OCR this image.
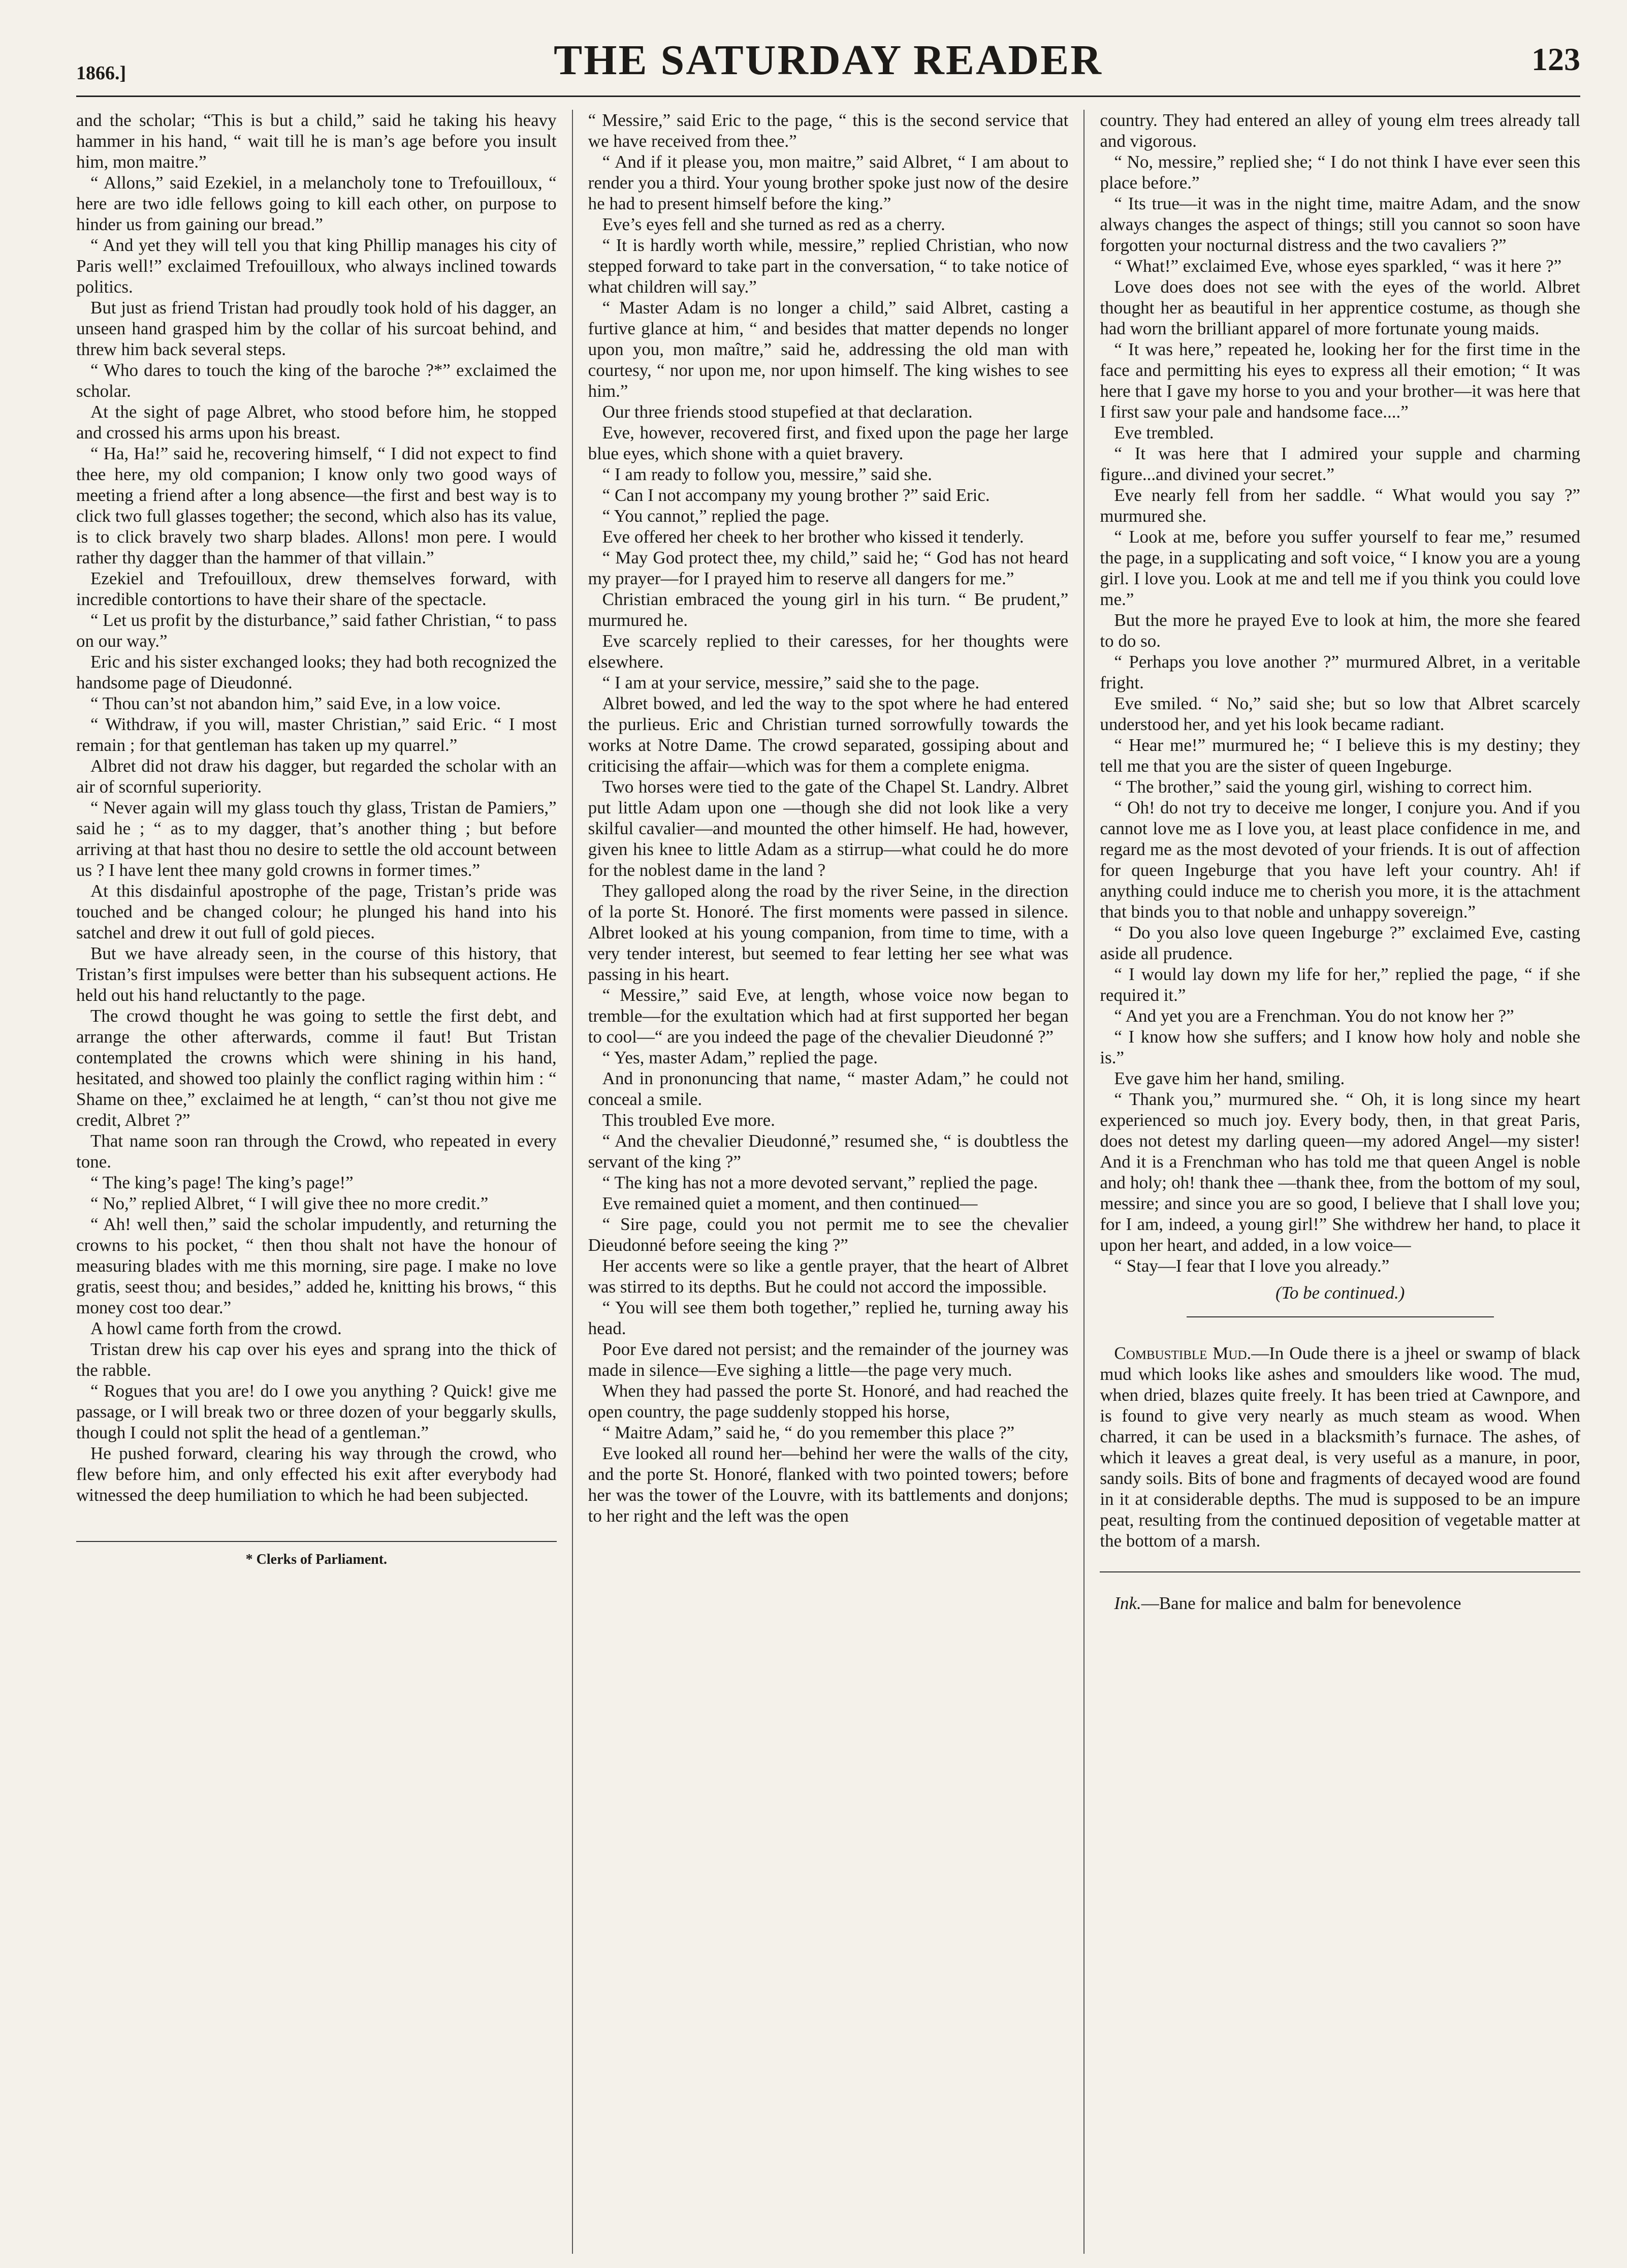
1866.]	THE SATURDAY READER	123

and the scholar; “This is but a child,” said he taking his heavy hammer in his hand, “ wait till he is man’s age before you insult him, mon maitre.”

“ Allons,” said Ezekiel, in a melancholy tone to Trefouilloux, “ here are two idle fellows going to kill each other, on purpose to hinder us from gaining our bread.”

“ And yet they will tell you that king Phillip manages his city of Paris well!” exclaimed Trefouilloux, who always inclined towards politics.

But just as friend Tristan had proudly took hold of his dagger, an unseen hand grasped him by the collar of his surcoat behind, and threw him back several steps.

“ Who dares to touch the king of the baroche ?*” exclaimed the scholar.

At the sight of page Albret, who stood before him, he stopped and crossed his arms upon his breast.

“ Ha, Ha!” said he, recovering himself, “ I did not expect to find thee here, my old companion; I know only two good ways of meeting a friend after a long absence—the first and best way is to click two full glasses together; the second, which also has its value, is to click bravely two sharp blades. Allons! mon pere. I would rather thy dagger than the hammer of that villain.”

Ezekiel and Trefouilloux, drew themselves forward, with incredible contortions to have their share of the spectacle.

“ Let us profit by the disturbance,” said father Christian, “ to pass on our way.”

Eric and his sister exchanged looks; they had both recognized the handsome page of Dieudonné.

“ Thou can’st not abandon him,” said Eve, in a low voice.

“ Withdraw, if you will, master Christian,” said Eric. “ I most remain ; for that gentleman has taken up my quarrel.”

Albret did not draw his dagger, but regarded the scholar with an air of scornful superiority.

“ Never again will my glass touch thy glass, Tristan de Pamiers,” said he ; “ as to my dagger, that’s another thing ; but before arriving at that hast thou no desire to settle the old account between us ? I have lent thee many gold crowns in former times.”

At this disdainful apostrophe of the page, Tristan’s pride was touched and be changed colour; he plunged his hand into his satchel and drew it out full of gold pieces.

But we have already seen, in the course of this history, that Tristan’s first impulses were better than his subsequent actions. He held out his hand reluctantly to the page.

The crowd thought he was going to settle the first debt, and arrange the other afterwards, comme il faut! But Tristan contemplated the crowns which were shining in his hand, hesitated, and showed too plainly the conflict raging within him : “ Shame on thee,” exclaimed he at length, “ can’st thou not give me credit, Albret ?”

That name soon ran through the Crowd, who repeated in every tone.

“ The king’s page! The king’s page!”

“ No,” replied Albret, “ I will give thee no more credit.”

“ Ah! well then,” said the scholar impudently, and returning the crowns to his pocket, “ then thou shalt not have the honour of measuring blades with me this morning, sire page. I make no love gratis, seest thou; and besides,” added he, knitting his brows, “ this money cost too dear.”

A howl came forth from the crowd.

Tristan drew his cap over his eyes and sprang into the thick of the rabble.

“ Rogues that you are! do I owe you anything ? Quick! give me passage, or I will break two or three dozen of your beggarly skulls, though I could not split the head of a gentleman.”

He pushed forward, clearing his way through the crowd, who flew before him, and only effected his exit after everybody had witnessed the deep humiliation to which he had been subjected.

* Clerks of Parliament.

“ Messire,” said Eric to the page, “ this is the second service that we have received from thee.”

“ And if it please you, mon maitre,” said Albret, “ I am about to render you a third. Your young brother spoke just now of the desire he had to present himself before the king.”

Eve’s eyes fell and she turned as red as a cherry.

“ It is hardly worth while, messire,” replied Christian, who now stepped forward to take part in the conversation, “ to take notice of what children will say.”

“ Master Adam is no longer a child,” said Albret, casting a furtive glance at him, “ and besides that matter depends no longer upon you, mon maître,” said he, addressing the old man with courtesy, “ nor upon me, nor upon himself. The king wishes to see him.”

Our three friends stood stupefied at that declaration.

Eve, however, recovered first, and fixed upon the page her large blue eyes, which shone with a quiet bravery.

“ I am ready to follow you, messire,” said she.

“ Can I not accompany my young brother ?” said Eric.

“ You cannot,” replied the page.

Eve offered her cheek to her brother who kissed it tenderly.

“ May God protect thee, my child,” said he; “ God has not heard my prayer—for I prayed him to reserve all dangers for me.”

Christian embraced the young girl in his turn. “ Be prudent,” murmured he.

Eve scarcely replied to their caresses, for her thoughts were elsewhere.

“ I am at your service, messire,” said she to the page.

Albret bowed, and led the way to the spot where he had entered the purlieus. Eric and Christian turned sorrowfully towards the works at Notre Dame. The crowd separated, gossiping about and criticising the affair—which was for them a complete enigma.

Two horses were tied to the gate of the Chapel St. Landry. Albret put little Adam upon one —though she did not look like a very skilful cavalier—and mounted the other himself. He had, however, given his knee to little Adam as a stirrup—what could he do more for the noblest dame in the land ?

They galloped along the road by the river Seine, in the direction of la porte St. Honoré. The first moments were passed in silence. Albret looked at his young companion, from time to time, with a very tender interest, but seemed to fear letting her see what was passing in his heart.

“ Messire,” said Eve, at length, whose voice now began to tremble—for the exultation which had at first supported her began to cool—“ are you indeed the page of the chevalier Dieudonné ?”

“ Yes, master Adam,” replied the page.

And in prononuncing that name, “ master Adam,” he could not conceal a smile.

This troubled Eve more.

“ And the chevalier Dieudonné,” resumed she, “ is doubtless the servant of the king ?”

“ The king has not a more devoted servant,” replied the page.

Eve remained quiet a moment, and then continued—

“ Sire page, could you not permit me to see the chevalier Dieudonné before seeing the king ?”

Her accents were so like a gentle prayer, that the heart of Albret was stirred to its depths. But he could not accord the impossible.

“ You will see them both together,” replied he, turning away his head.

Poor Eve dared not persist; and the remainder of the journey was made in silence—Eve sighing a little—the page very much.

When they had passed the porte St. Honoré, and had reached the open country, the page suddenly stopped his horse,

“ Maitre Adam,” said he, “ do you remember this place ?”

Eve looked all round her—behind her were the walls of the city, and the porte St. Honoré, flanked with two pointed towers; before her was the tower of the Louvre, with its battlements and donjons; to her right and the left was the open

country. They had entered an alley of young elm trees already tall and vigorous.

“ No, messire,” replied she; “ I do not think I have ever seen this place before.”

“ Its true—it was in the night time, maitre Adam, and the snow always changes the aspect of things; still you cannot so soon have forgotten your nocturnal distress and the two cavaliers ?”

“ What!” exclaimed Eve, whose eyes sparkled, “ was it here ?”

Love does does not see with the eyes of the world. Albret thought her as beautiful in her apprentice costume, as though she had worn the brilliant apparel of more fortunate young maids.

“ It was here,” repeated he, looking her for the first time in the face and permitting his eyes to express all their emotion; “ It was here that I gave my horse to you and your brother—it was here that I first saw your pale and handsome face....”

Eve trembled.

“ It was here that I admired your supple and charming figure...and divined your secret.”

Eve nearly fell from her saddle. “ What would you say ?” murmured she.

“ Look at me, before you suffer yourself to fear me,” resumed the page, in a supplicating and soft voice, “ I know you are a young girl. I love you. Look at me and tell me if you think you could love me.”

But the more he prayed Eve to look at him, the more she feared to do so.

“ Perhaps you love another ?” murmured Albret, in a veritable fright.

Eve smiled. “ No,” said she; but so low that Albret scarcely understood her, and yet his look became radiant.

“ Hear me!” murmured he; “ I believe this is my destiny; they tell me that you are the sister of queen Ingeburge.

“ The brother,” said the young girl, wishing to correct him.

“ Oh! do not try to deceive me longer, I conjure you. And if you cannot love me as I love you, at least place confidence in me, and regard me as the most devoted of your friends. It is out of affection for queen Ingeburge that you have left your country. Ah! if anything could induce me to cherish you more, it is the attachment that binds you to that noble and unhappy sovereign.”

“ Do you also love queen Ingeburge ?” exclaimed Eve, casting aside all prudence.

“ I would lay down my life for her,” replied the page, “ if she required it.”

“ And yet you are a Frenchman. You do not know her ?”

“ I know how she suffers; and I know how holy and noble she is.”

Eve gave him her hand, smiling.

“ Thank you,” murmured she. “ Oh, it is long since my heart experienced so much joy. Every body, then, in that great Paris, does not detest my darling queen—my adored Angel—my sister! And it is a Frenchman who has told me that queen Angel is noble and holy; oh! thank thee —thank thee, from the bottom of my soul, messire; and since you are so good, I believe that I shall love you; for I am, indeed, a young girl!” She withdrew her hand, to place it upon her heart, and added, in a low voice—

“ Stay—I fear that I love you already.”

(To be continued.)

Combustible Mud.—In Oude there is a jheel or swamp of black mud which looks like ashes and smoulders like wood. The mud, when dried, blazes quite freely. It has been tried at Cawnpore, and is found to give very nearly as much steam as wood. When charred, it can be used in a blacksmith’s furnace. The ashes, of which it leaves a great deal, is very useful as a manure, in poor, sandy soils. Bits of bone and fragments of decayed wood are found in it at considerable depths. The mud is supposed to be an impure peat, resulting from the continued deposition of vegetable matter at the bottom of a marsh.

Ink.—Bane for malice and balm for benevolence
